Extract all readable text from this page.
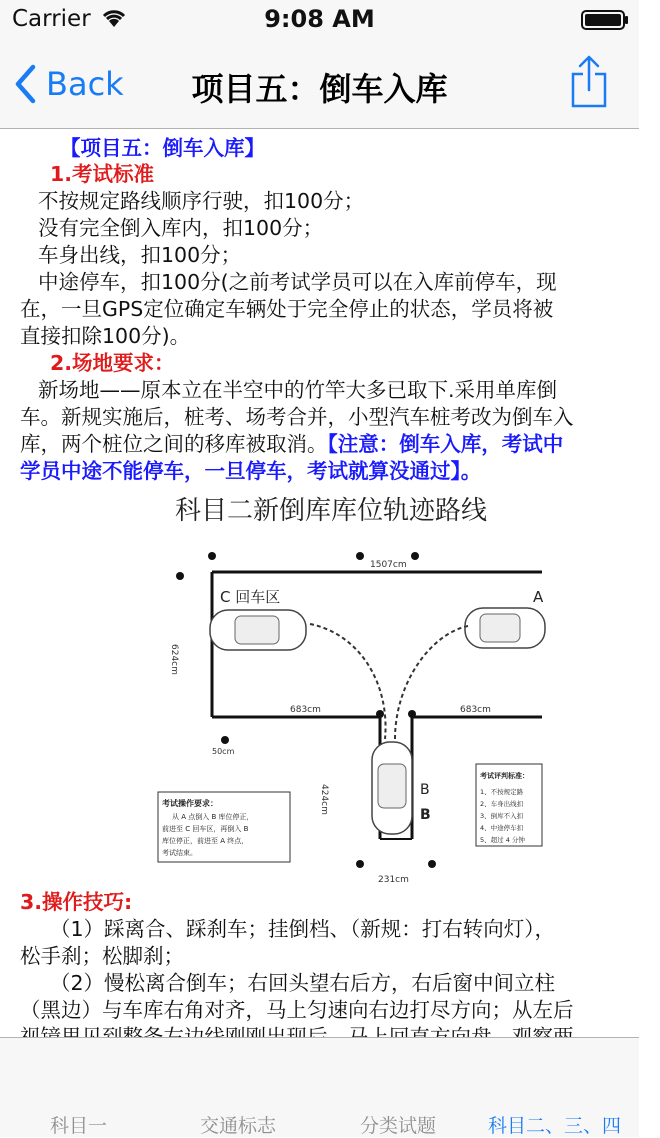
Carrier	9:08 AM
Back	项目五：倒车入库
【项目五：倒车入库】
1.考试标准
不按规定路线顺序行驶，扣100分；
没有完全倒入库内，扣100分；
车身出线，扣100分；
中途停车，扣100分(之前考试学员可以在入库前停车，现
在，一旦GPS定位确定车辆处于完全停止的状态，学员将被
直接扣除100分)。
2.场地要求：
新场地——原本立在半空中的竹竿大多已取下.采用单库倒
车。新规实施后，桩考、场考合并，小型汽车桩考改为倒车入
库，两个桩位之间的移库被取消。【注意：倒车入库，考试中
学员中途不能停车，一旦停车，考试就算没通过】。
科目二新倒库库位轨迹路线
1507cm
683cm	683cm
624cm
50cm
231cm
424cm
C 回车区	A
B
B
考试操作要求：
从 A 点倒入 B 库位停正，
前进至 C 回车区，再倒入 B
库位停正，前进至 A 终点，
考试结束。
考试评判标准：
1、不按规定路
2、车身出线扣
3、倒库不入扣
4、中途停车扣
5、超过 4 分钟
3.操作技巧:
（1）踩离合、踩刹车；挂倒档、（新规：打右转向灯），
松手刹；松脚刹；
（2）慢松离合倒车；右回头望右后方，右后窗中间立柱
（黑边）与车库右角对齐，马上匀速向右边打尽方向；从左后
科目一	交通标志	分类试题	科目二、三、四
